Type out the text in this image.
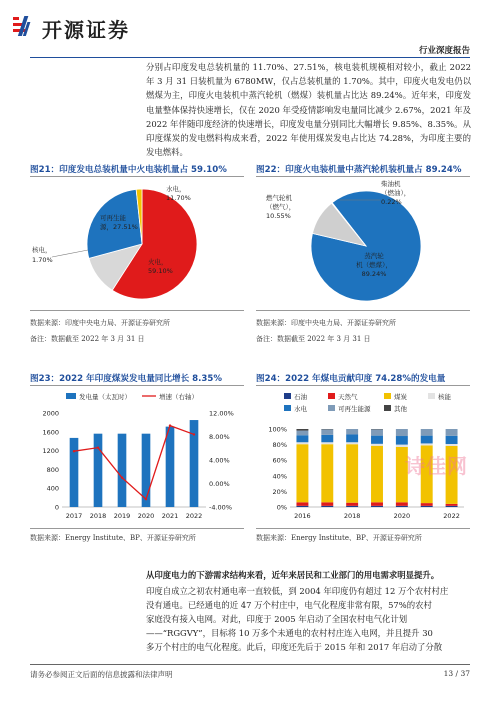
开源证券
行业深度报告
分别占印度发电总装机量的 11.70%、27.51%，核电装机规模相对较小，截止 2022 年 3 月 31 日装机量为 6780MW，仅占总装机量的 1.70%。其中，印度火电发电仍以燃煤为主，印度火电装机中蒸汽轮机（燃煤）装机量占比达 89.24%。近年来，印度发电量整体保持快速增长，仅在 2020 年受疫情影响发电量同比减少 2.67%，2021 年及 2022 年伴随印度经济的快速增长，印度发电量分别同比大幅增长 9.85%、8.35%。从印度煤炭的发电燃料构成来看，2022 年使用煤炭发电占比达 74.28%，为印度主要的发电燃料。
图21：印度发电总装机量中火电装机量占 59.10%
水电，
11.70%
可再生能
源，27.51%
火电，
59.10%
核电，
1.70%
数据来源：印度中央电力局、开源证券研究所
备注：数据截至 2022 年 3 月 31 日
图22：印度火电装机量中蒸汽轮机装机量占 89.24%
柴油机
（燃油），
0.22%
燃气轮机
（燃气），
10.55%
蒸汽轮
机（燃煤），
89.24%
数据来源：印度中央电力局、开源证券研究所
备注：数据截至 2022 年 3 月 31 日
图23：2022 年印度煤炭发电量同比增长 8.35%
发电量（太瓦时）	增速（右轴）
0
400
800
1200
1600
2000
-4.00%
0.00%
4.00%
8.00%
12.00%
2017 2018 2019 2020 2021 2022
数据来源：Energy Institute、BP、开源证券研究所
图24：2022 年煤电贡献印度 74.28%的发电量
石油	天然气	煤炭	核能
水电	可再生能源	其他
0%
20%
40%
60%
80%
100%
2016	2018	2020	2022
数据来源：Energy Institute、BP、开源证券研究所
诗佳网
从印度电力的下游需求结构来看，近年来居民和工业部门的用电需求明显提升。
印度自成立之初农村通电率一直较低，到 2004 年印度仍有超过 12 万个农村村庄
没有通电。已经通电的近 47 万个村庄中，电气化程度非常有限，57%的农村
家庭没有接入电网。对此，印度于 2005 年启动了全国农村电气化计划
——“RGGVY”，目标将 10 万多个未通电的农村村庄连入电网，并且提升 30
多万个村庄的电气化程度。此后，印度还先后于 2015 年和 2017 年启动了分散
请务必参阅正文后面的信息披露和法律声明	13 / 37
